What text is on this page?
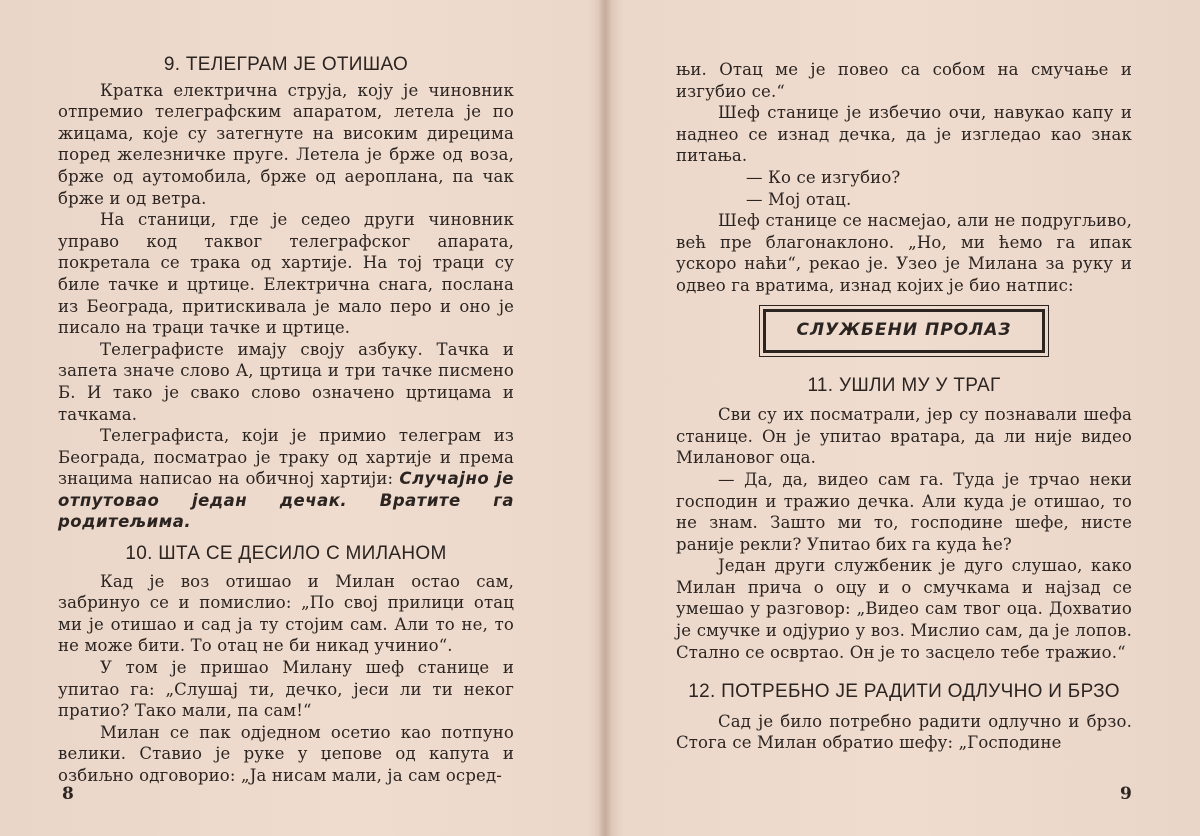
9. ТЕЛЕГРАМ ЈЕ ОТИШАО

Кратка електрична струја, коју је чиновник отпремио телеграфским апаратом, летела је по жицама, које су затегнуте на високим дирецима поред железничке пруге. Летела је брже од воза, брже од аутомобила, брже од аероплана, па чак брже и од ветра.

На станици, где је седео други чиновник управо код таквог телеграфског апарата, покретала се трака од хартије. На тој траци су биле тачке и цртице. Електрична снага, послана из Београда, притискивала је мало перо и оно је писало на траци тачке и цртице.

Телеграфисте имају своју азбуку. Тачка и запета значе слово А, цртица и три тачке писмено Б. И тако је свако слово означено цртицама и тачкама.

Телеграфиста, који је примио телеграм из Београда, посматрао је траку од хартије и према знацима написао на обичној хартији: Случајно је отпутовао један дечак. Вратите га родитељима.

10. ШТА СЕ ДЕСИЛО С МИЛАНОМ

Кад је воз отишао и Милан остао сам, забринуо се и помислио: „По свој прилици отац ми је отишао и сад ја ту стојим сам. Али то не, то не може бити. То отац не би никад учинио“.

У том је пришао Милану шеф станице и упитао га: „Слушај ти, дечко, јеси ли ти неког пратио? Тако мали, па сам!“

Милан се пак одједном осетио као потпуно велики. Ставио је руке у џепове од капута и озбиљно одговорио: „Ја нисам мали, ја сам осред-

8

њи. Отац ме је повео са собом на смучање и изгубио се.“

Шеф станице је избечио очи, навукао капу и наднео се изнад дечка, да је изгледао као знак питања.

— Ко се изгубио?

— Мој отац.

Шеф станице се насмејао, али не подругљиво, већ пре благонаклоно. „Но, ми ћемо га ипак ускоро наћи“, рекао је. Узео је Милана за руку и одвео га вратима, изнад којих је био натпис:

СЛУЖБЕНИ ПРОЛАЗ
11. УШЛИ МУ У ТРАГ

Сви су их посматрали, јер су познавали шефа станице. Он је упитао вратара, да ли није видео Милановог оца.

— Да, да, видео сам га. Туда је трчао неки господин и тражио дечка. Али куда је отишао, то не знам. Зашто ми то, господине шефе, нисте раније рекли? Упитао бих га куда ће?

Један други службеник је дуго слушао, како Милан прича о оцу и о смучкама и најзад се умешао у разговор: „Видео сам твог оца. Дохватио је смучке и одјурио у воз. Мислио сам, да је лопов. Стално се освртао. Он је то засцело тебе тражио.“

12. ПОТРЕБНО ЈЕ РАДИТИ ОДЛУЧНО И БРЗО

Сад је било потребно радити одлучно и брзо. Стога се Милан обратио шефу: „Господине

9
